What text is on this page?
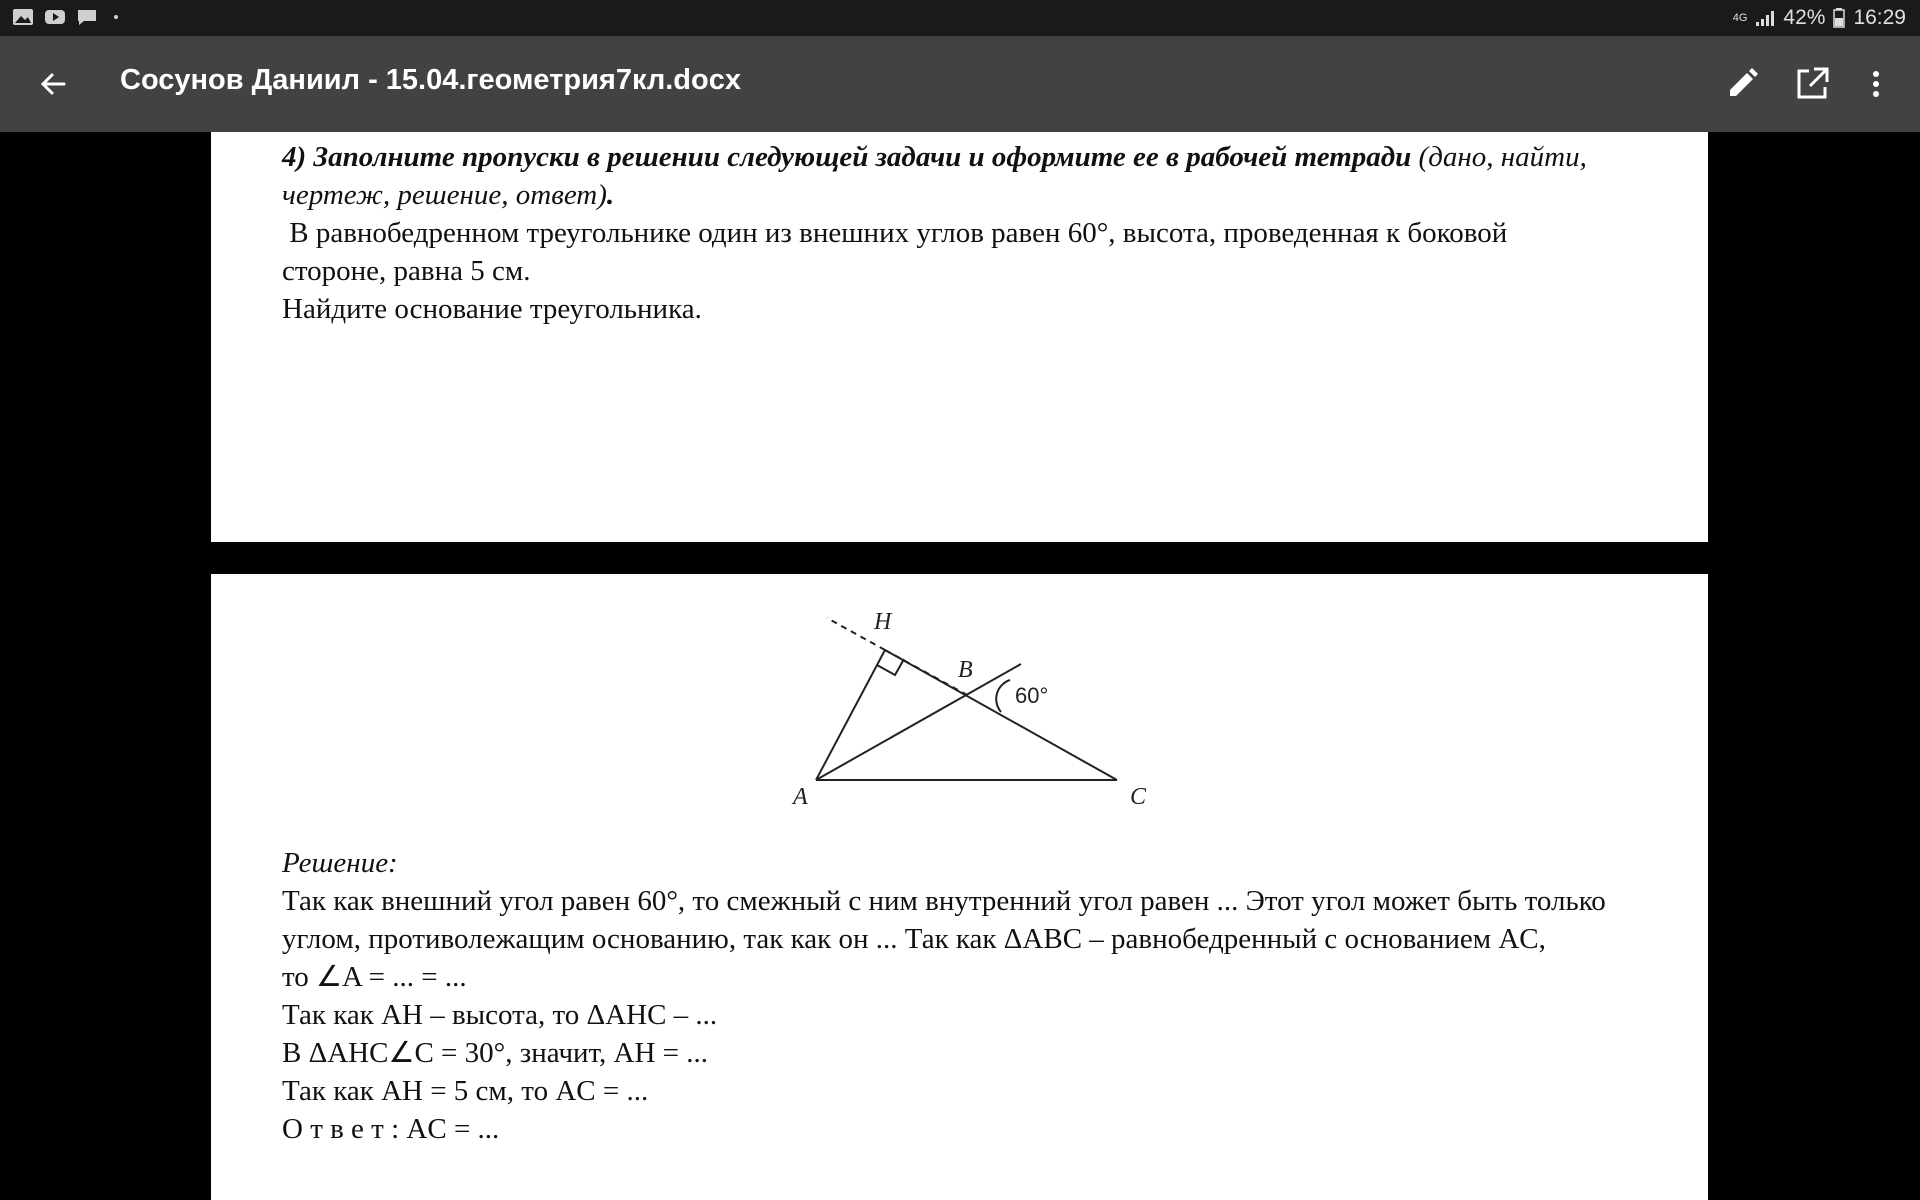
4G 42% 16:29
Сосунов Даниил - 15.04.геометрия7кл.docx
4) Заполните пропуски в решении следующей задачи и оформите ее в рабочей тетради (дано, найти, чертеж, решение, ответ).
В равнобедренном треугольнике один из внешних углов равен 60°, высота, проведенная к боковой
стороне, равна 5 см.
Найдите основание треугольника.
H
B
A	C
60°
Решение:
Так как внешний угол равен 60°, то смежный с ним внутренний угол равен ... Этот угол может быть только
углом, противолежащим основанию, так как он ... Так как ΔABC – равнобедренный с основанием AC,
то ∠A = ... = ...
Так как AH – высота, то ΔAHC – ...
В ΔAHC∠C = 30°, значит, AH = ...
Так как AH = 5 см, то AC = ...
О т в е т : AC = ...
